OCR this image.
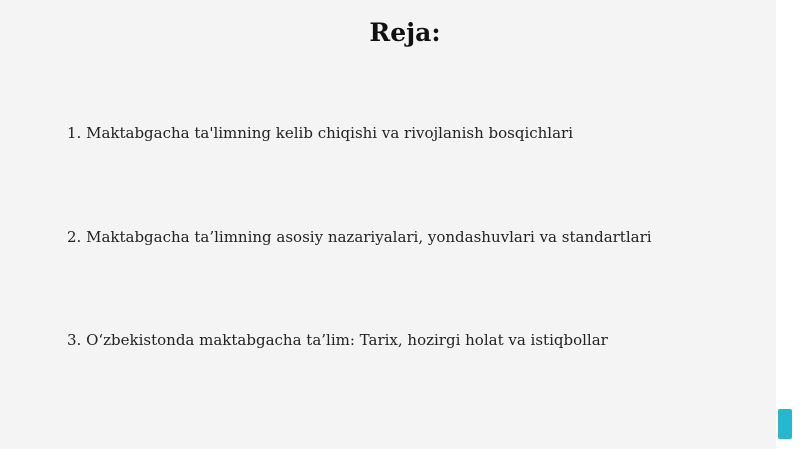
Reja:
1. Maktabgacha ta'limning kelib chiqishi va rivojlanish bosqichlari
2. Maktabgacha ta’limning asosiy nazariyalari, yondashuvlari va standartlari
3. O‘zbekistonda maktabgacha ta’lim: Tarix, hozirgi holat va istiqbollar
